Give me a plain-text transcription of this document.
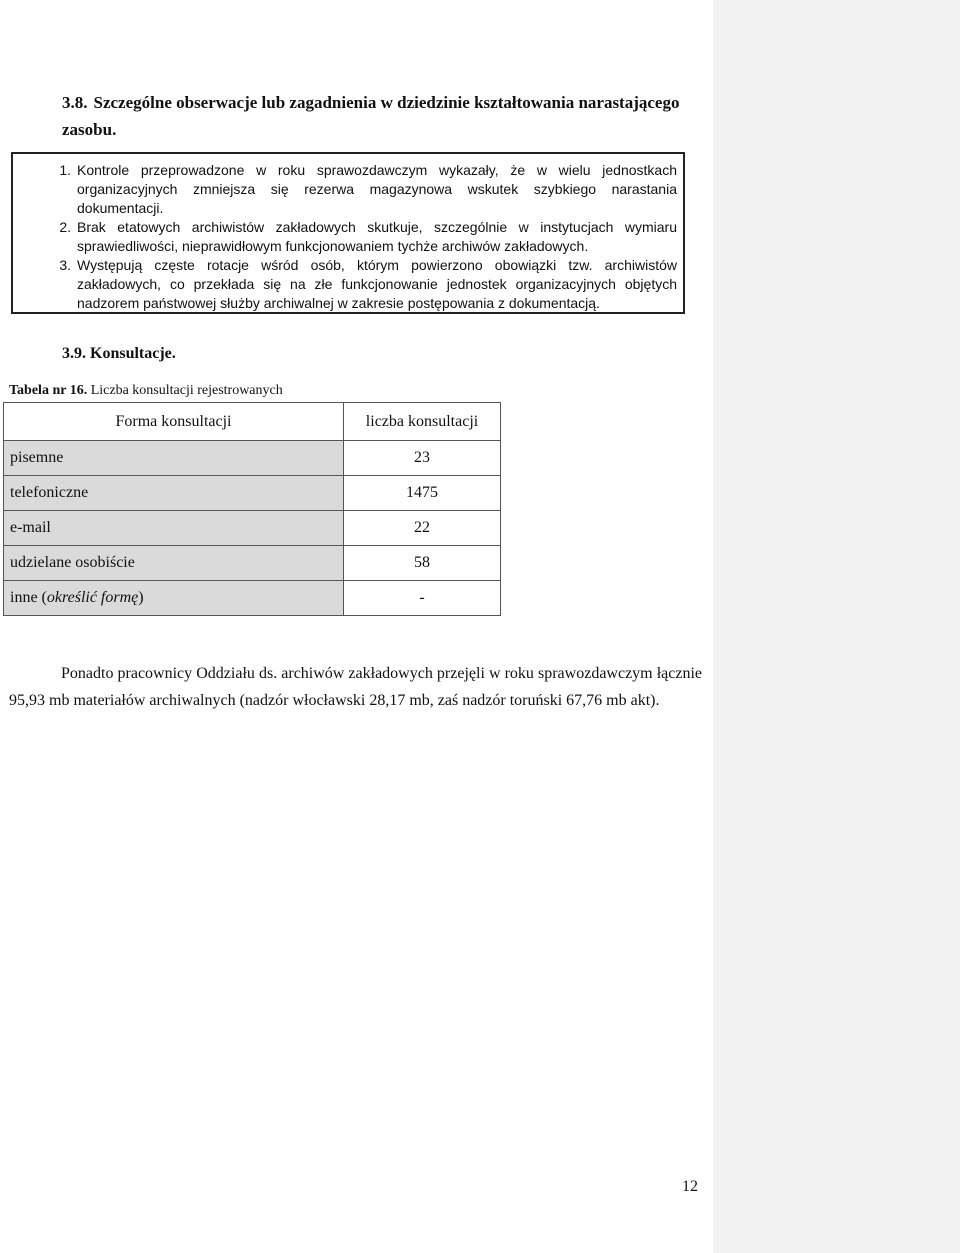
3.8. Szczególne obserwacje lub zagadnienia w dziedzinie kształtowania narastającego zasobu.
1. Kontrole przeprowadzone w roku sprawozdawczym wykazały, że w wielu jednostkach organizacyjnych zmniejsza się rezerwa magazynowa wskutek szybkiego narastania dokumentacji.
2. Brak etatowych archiwistów zakładowych skutkuje, szczególnie w instytucjach wymiaru sprawiedliwości, nieprawidłowym funkcjonowaniem tychże archiwów zakładowych.
3. Występują częste rotacje wśród osób, którym powierzono obowiązki tzw. archiwistów zakładowych, co przekłada się na złe funkcjonowanie jednostek organizacyjnych objętych nadzorem państwowej służby archiwalnej w zakresie postępowania z dokumentacją.
3.9. Konsultacje.
Tabela nr 16. Liczba konsultacji rejestrowanych
Forma konsultacji	liczba konsultacji
pisemne	23
telefoniczne	1475
e-mail	22
udzielane osobiście	58
inne (określić formę)	-
Ponadto pracownicy Oddziału ds. archiwów zakładowych przejęli w roku sprawozdawczym łącznie 95,93 mb materiałów archiwalnych (nadzór włocławski 28,17 mb, zaś nadzór toruński 67,76 mb akt).
12
